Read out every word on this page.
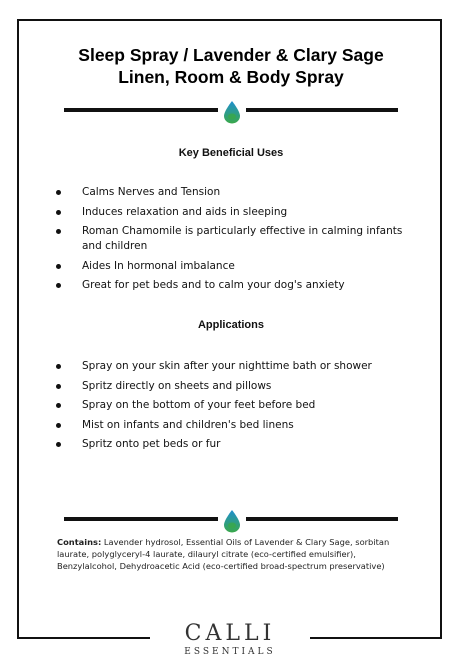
Sleep Spray / Lavender & Clary Sage
Linen, Room & Body Spray
Key Beneficial Uses
Calms Nerves and Tension
Induces relaxation and aids in sleeping
Roman Chamomile is particularly effective in calming infants and children
Aides In hormonal imbalance
Great for pet beds and to calm your dog's anxiety
Applications
Spray on your skin after your nighttime bath or shower
Spritz directly on sheets and pillows
Spray on the bottom of your feet before bed
Mist on infants and children's bed linens
Spritz onto pet beds or fur
Contains: Lavender hydrosol, Essential Oils of Lavender & Clary Sage, sorbitan laurate, polyglyceryl-4 laurate, dilauryl citrate (eco-certified emulsifier), Benzylalcohol, Dehydroacetic Acid (eco-certified broad-spectrum preservative)
CALLI
ESSENTIALS
